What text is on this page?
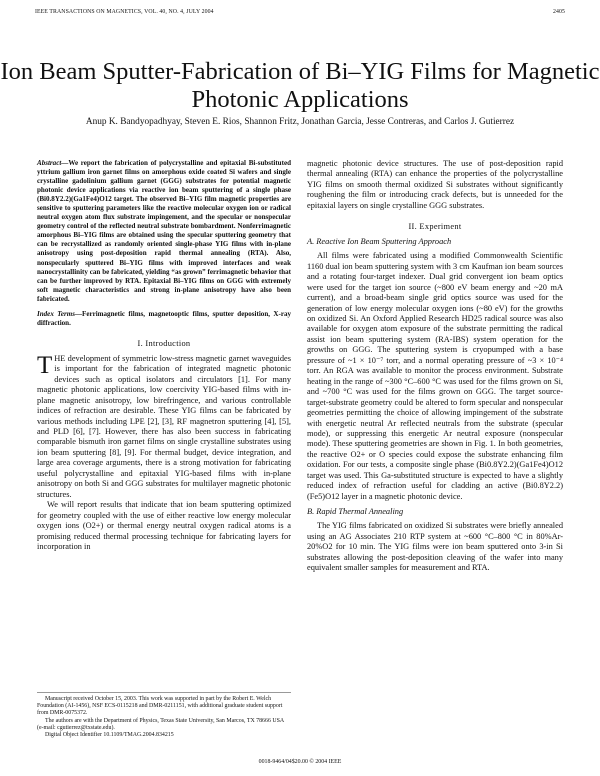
IEEE TRANSACTIONS ON MAGNETICS, VOL. 40, NO. 4, JULY 2004	2405
Ion Beam Sputter-Fabrication of Bi–YIG Films for Magnetic Photonic Applications
Anup K. Bandyopadhyay, Steven E. Rios, Shannon Fritz, Jonathan Garcia, Jesse Contreras, and Carlos J. Gutierrez

Abstract—We report the fabrication of polycrystalline and epitaxial Bi-substituted yttrium gallium iron garnet films on amorphous oxide coated Si wafers and single crystalline gadolinium gallium garnet (GGG) substrates for potential magnetic photonic device applications via reactive ion beam sputtering of a single phase (Bi0.8Y2.2)(Ga1Fe4)O12 target. The observed Bi–YIG film magnetic properties are sensitive to sputtering parameters like the reactive molecular oxygen ion or radical neutral oxygen atom flux substrate impingement, and the specular or nonspecular geometry control of the reflected neutral substrate bombardment. Nonferrimagnetic amorphous Bi–YIG films are obtained using the specular sputtering geometry that can be recrystallized as randomly oriented single-phase YIG films with in-plane anisotropy using post-deposition rapid thermal annealing (RTA). Also, nonspecularly sputtered Bi–YIG films with improved interfaces and weak nanocrystallinity can be fabricated, yielding “as grown” ferrimagnetic behavior that can be further improved by RTA. Epitaxial Bi–YIG films on GGG with extremely soft magnetic characteristics and strong in-plane anisotropy have also been fabricated.

Index Terms—Ferrimagnetic films, magnetooptic films, sputter deposition, X-ray diffraction.

I. Introduction

THE development of symmetric low-stress magnetic garnet waveguides is important for the fabrication of integrated magnetic photonic devices such as optical isolators and circulators [1]. For many magnetic photonic applications, low coercivity YIG-based films with in-plane magnetic anisotropy, low birefringence, and various controllable indices of refraction are desirable. These YIG films can be fabricated by various methods including LPE [2], [3], RF magnetron sputtering [4], [5], and PLD [6], [7]. However, there has also been success in fabricating comparable bismuth iron garnet films on single crystalline substrates using ion beam sputtering [8], [9]. For thermal budget, device integration, and large area coverage arguments, there is a strong motivation for fabricating useful polycrystalline and epitaxial YIG-based films with in-plane anisotropy on both Si and GGG substrates for multilayer magnetic photonic structures.

We will report results that indicate that ion beam sputtering optimized for geometry coupled with the use of either reactive low energy molecular oxygen ions (O2+) or thermal energy neutral oxygen radical atoms is a promising reduced thermal processing technique for fabricating layers for incorporation in

magnetic photonic device structures. The use of post-deposition rapid thermal annealing (RTA) can enhance the properties of the polycrystalline YIG films on smooth thermal oxidized Si substrates without significantly roughening the film or introducing crack defects, but is unneeded for the epitaxial layers on single crystalline GGG substrates.

II. Experiment
A. Reactive Ion Beam Sputtering Approach

All films were fabricated using a modified Commonwealth Scientific 1160 dual ion beam sputtering system with 3 cm Kaufman ion beam sources and a rotating four-target indexer. Dual grid convergent ion beam optics were used for the target ion source (~800 eV beam energy and ~20 mA current), and a broad-beam single grid optics source was used for the generation of low energy molecular oxygen ions (~80 eV) for the growths on oxidized Si. An Oxford Applied Research HD25 radical source was also available for oxygen atom exposure of the substrate permitting the radical assist ion beam sputtering system (RA-IBS) system operation for the growths on GGG. The sputtering system is cryopumped with a base pressure of ~1 × 10⁻⁷ torr, and a normal operating pressure of ~3 × 10⁻⁴ torr. An RGA was available to monitor the process environment. Substrate heating in the range of ~300 °C–600 °C was used for the films grown on Si, and ~700 °C was used for the films grown on GGG. The target source-target-substrate geometry could be altered to form specular and nonspecular geometries permitting the choice of allowing impingement of the substrate with energetic neutral Ar reflected neutrals from the substrate (specular mode), or suppressing this energetic Ar neutral exposure (nonspecular mode). These sputtering geometries are shown in Fig. 1. In both geometries, the reactive O2+ or O species could expose the substrate enhancing film oxidation. For our tests, a composite single phase (Bi0.8Y2.2)(Ga1Fe4)O12 target was used. This Ga-substituted structure is expected to have a slightly reduced index of refraction useful for cladding an active (Bi0.8Y2.2)(Fe5)O12 layer in a magnetic photonic device.

B. Rapid Thermal Annealing

The YIG films fabricated on oxidized Si substrates were briefly annealed using an AG Associates 210 RTP system at ~600 °C–800 °C in 80%Ar-20%O2 for 10 min. The YIG films were ion beam sputtered onto 3-in Si substrates allowing the post-deposition cleaving of the wafer into many equivalent smaller samples for measurement and RTA.

Manuscript received October 15, 2003. This work was supported in part by the Robert E. Welch Foundation (AI-1456), NSF ECS-0115218 and DMR-0211151, with additional graduate student support from DMR-0075372.

The authors are with the Department of Physics, Texas State University, San Marcos, TX 78666 USA (e-mail: cgutierrez@txstate.edu).

Digital Object Identifier 10.1109/TMAG.2004.834215

0018-9464/04$20.00 © 2004 IEEE
